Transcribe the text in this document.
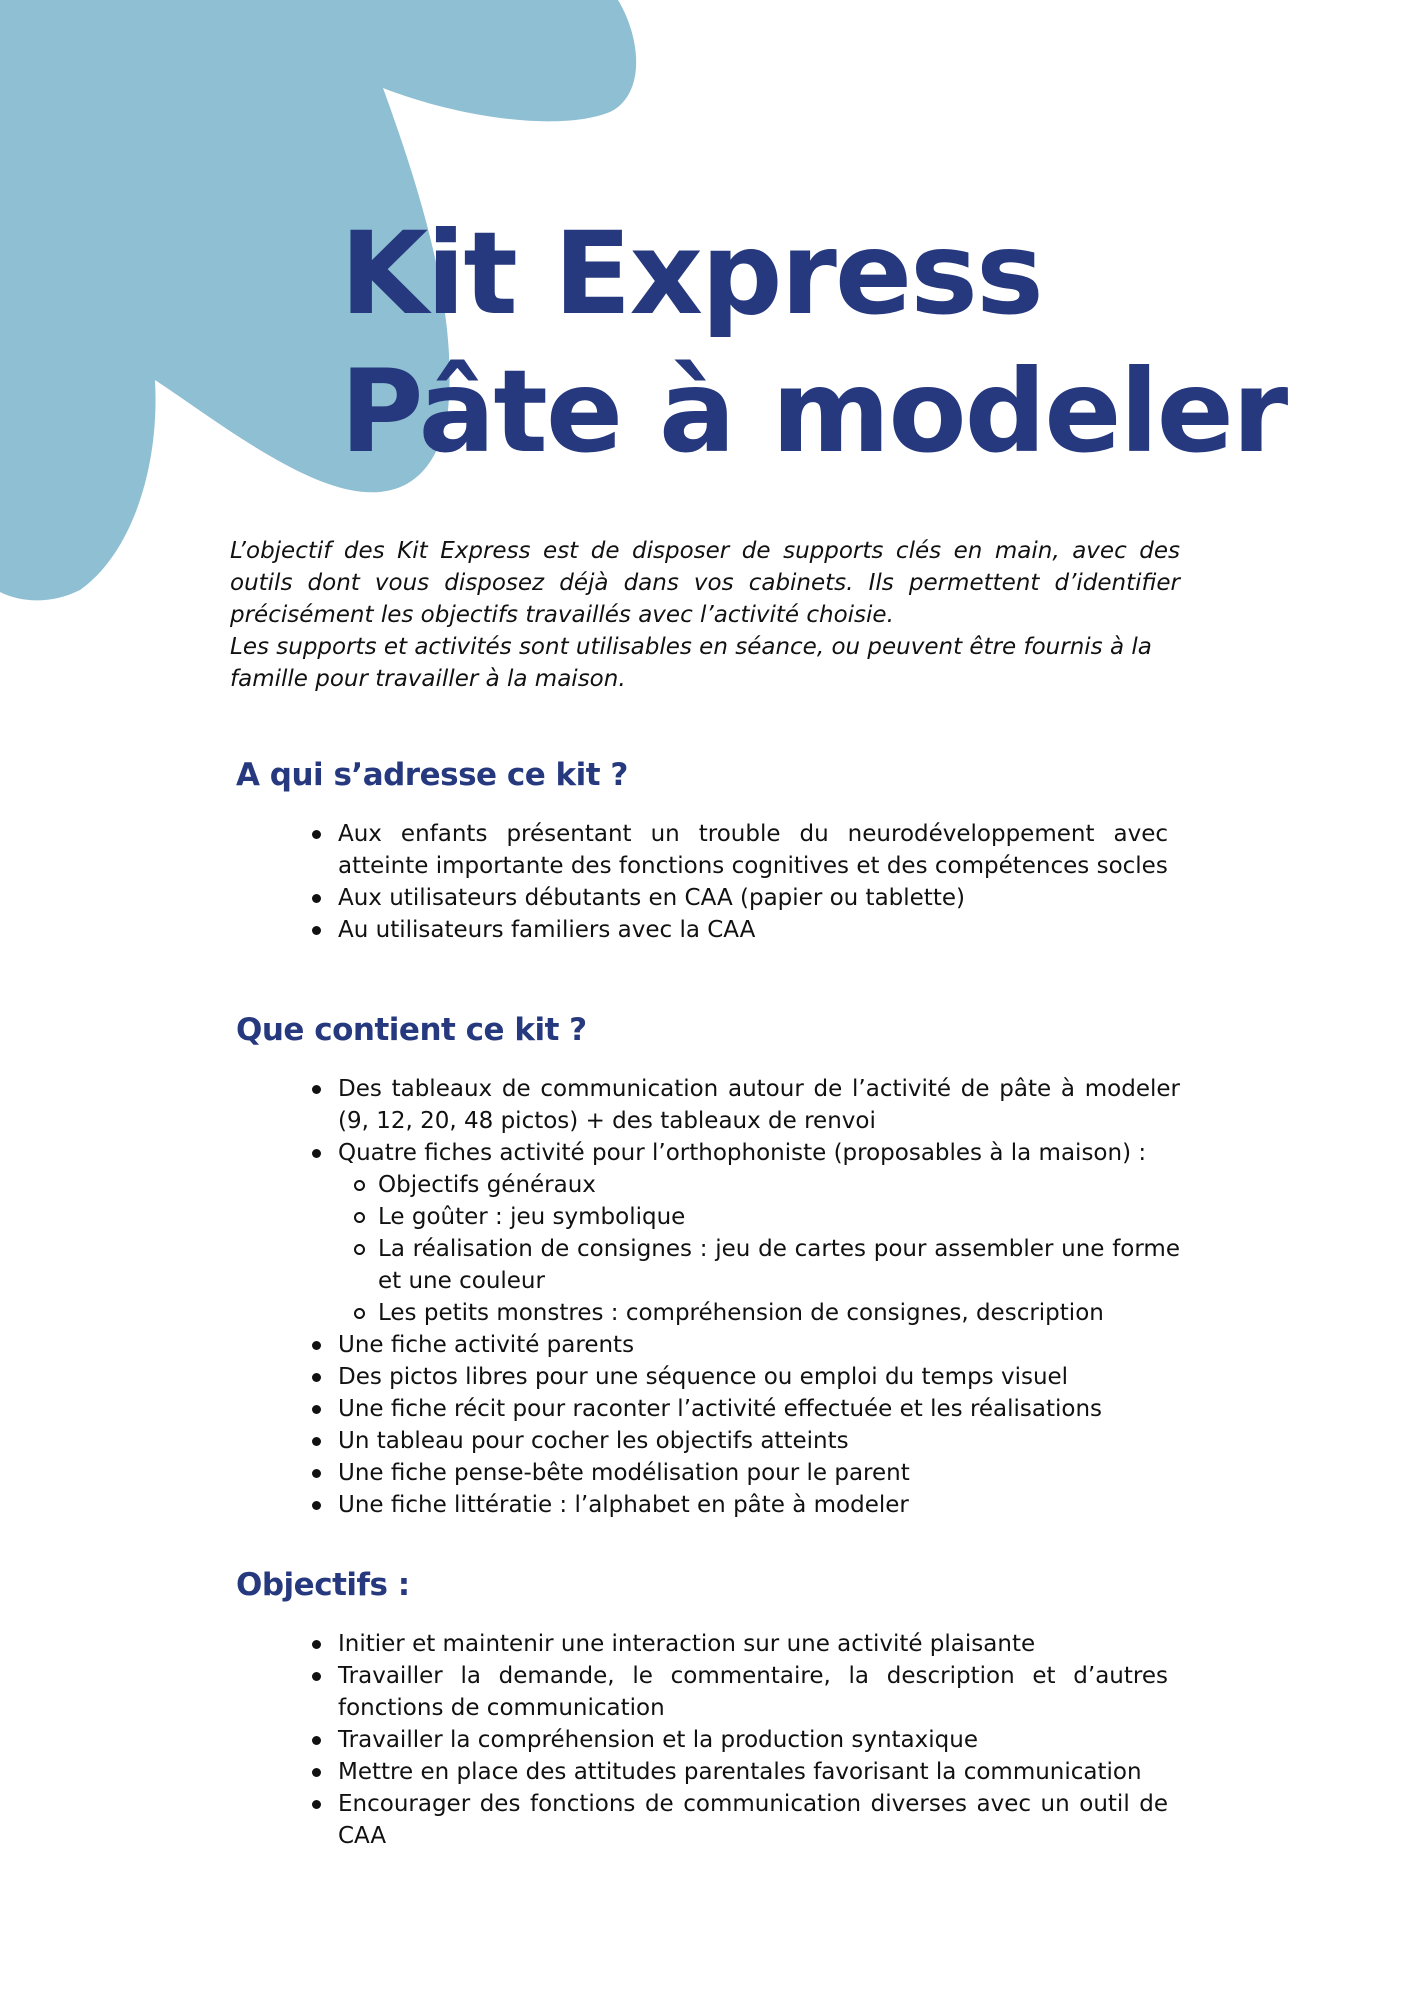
Kit Express
Pâte à modeler

L’objectif des Kit Express est de disposer de supports clés en main, avec des outils dont vous disposez déjà dans vos cabinets. Ils permettent d’identifier précisément les objectifs travaillés avec l’activité choisie.

Les supports et activités sont utilisables en séance, ou peuvent être fournis à la famille pour travailler à la maison.

A qui s’adresse ce kit ?
Aux enfants présentant un trouble du neurodéveloppement avec atteinte importante des fonctions cognitives et des compétences socles
Aux utilisateurs débutants en CAA (papier ou tablette)
Au utilisateurs familiers avec la CAA
Que contient ce kit ?
Des tableaux de communication autour de l’activité de pâte à modeler (9, 12, 20, 48 pictos) + des tableaux de renvoi
Quatre fiches activité pour l’orthophoniste (proposables à la maison) :
Objectifs généraux
Le goûter : jeu symbolique
La réalisation de consignes : jeu de cartes pour assembler une forme et une couleur
Les petits monstres : compréhension de consignes, description
Une fiche activité parents
Des pictos libres pour une séquence ou emploi du temps visuel
Une fiche récit pour raconter l’activité effectuée et les réalisations
Un tableau pour cocher les objectifs atteints
Une fiche pense-bête modélisation pour le parent
Une fiche littératie : l’alphabet en pâte à modeler
Objectifs :
Initier et maintenir une interaction sur une activité plaisante
Travailler la demande, le commentaire, la description et d’autres fonctions de communication
Travailler la compréhension et la production syntaxique
Mettre en place des attitudes parentales favorisant la communication
Encourager des fonctions de communication diverses avec un outil de CAA
